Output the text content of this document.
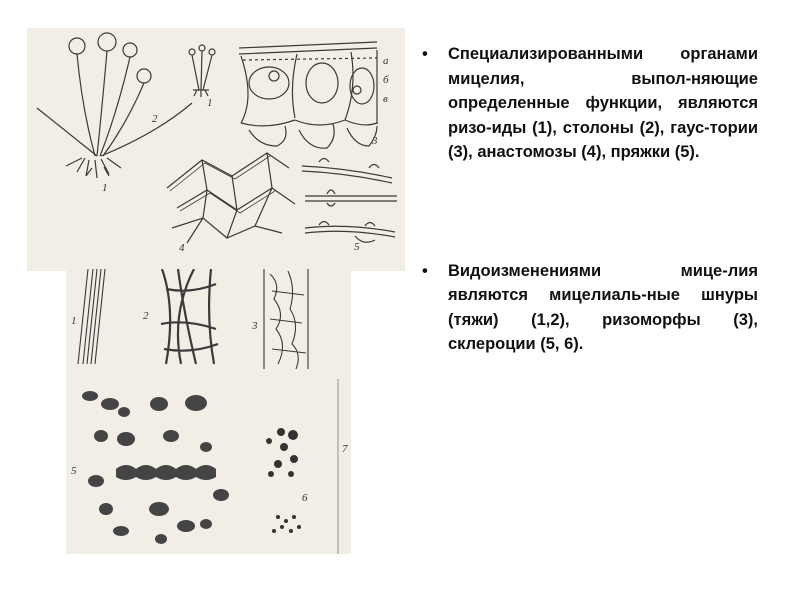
1
1
2
3
4	5
а
б
в
1	2
3
5
6
7
• Специализированными органами мицелия, выпол-няющие определенные функции, являются ризо-иды (1), столоны (2), гаус-тории (3), анастомозы (4), пряжки (5).
• Видоизменениями мице-лия являются мицелиаль-ные шнуры (тяжи) (1,2), ризоморфы (3), склероции (5, 6).
